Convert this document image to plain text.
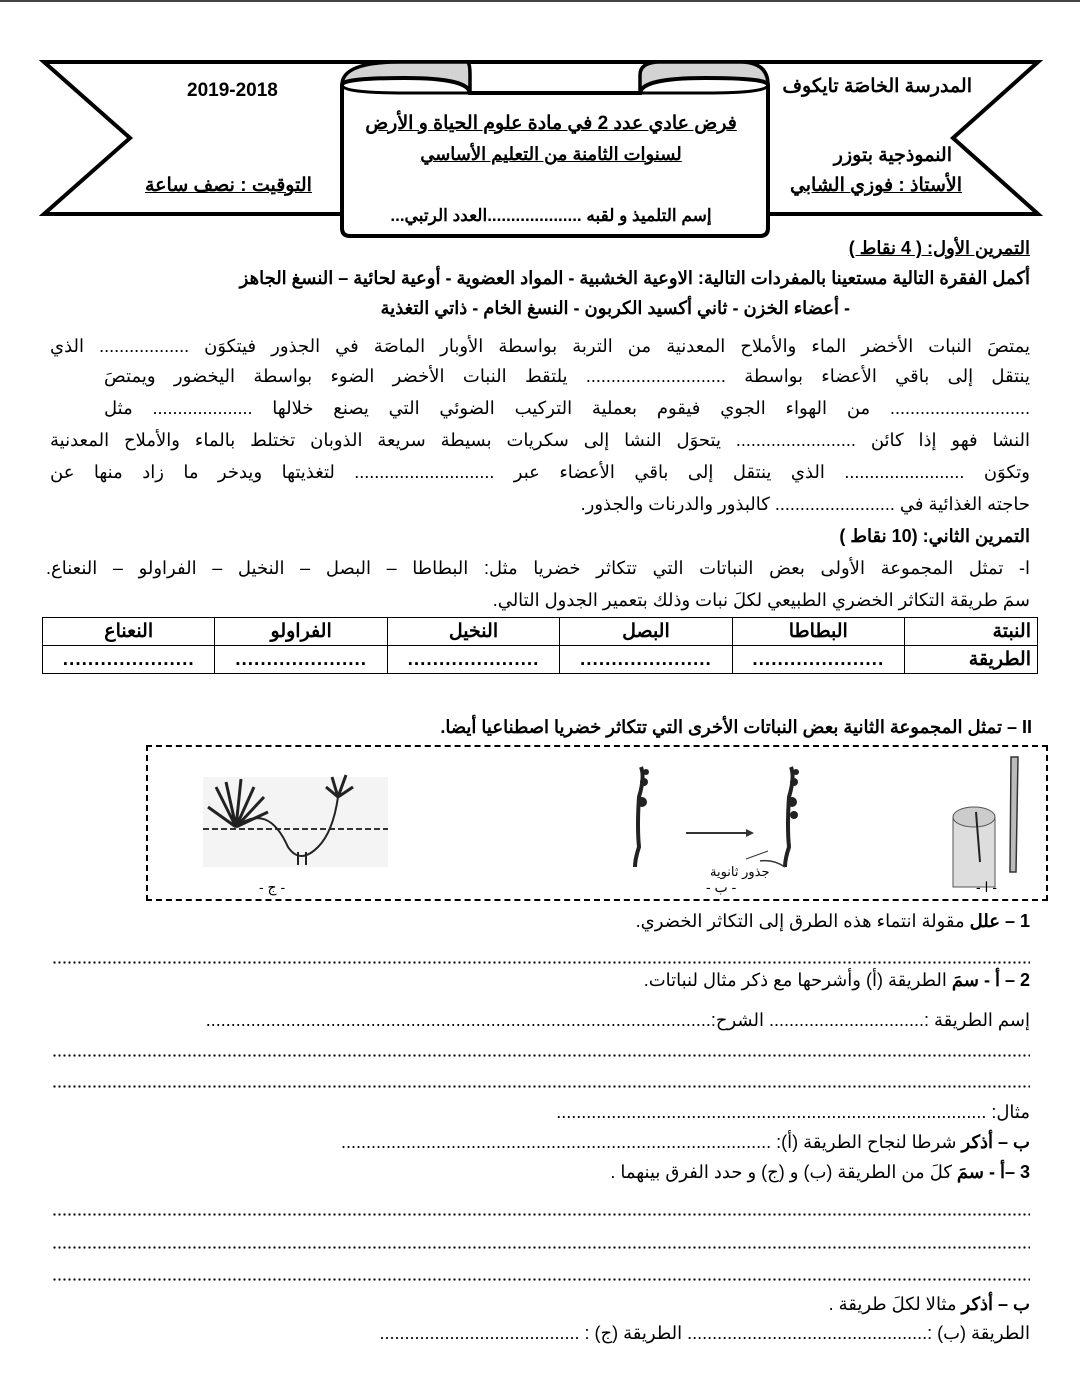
المدرسة الخاصَة تايكوف
النموذجية بتوزر
الأستاذ : فوزي الشابي
2019-2018
التوقيت : نصف ساعة
فرض عادي عدد 2 في مادة علوم الحياة و الأرض
لسنوات الثامنة من التعليم الأساسي
إسم التلميذ و لقبه ....................العدد الرتبي...
التمرين الأول: ( 4 نقاط )
أكمل الفقرة التالية مستعينا بالمفردات التالية: الاوعية الخشبية - المواد العضوية - أوعية لحائية – النسغ الجاهز
- أعضاء الخزن - ثاني أكسيد الكربون - النسغ الخام - ذاتي التغذية
يمتصَ النبات الأخضر الماء والأملاح المعدنية من التربة بواسطة الأوبار الماصَة في الجذور فيتكوَن .................. الذي
ينتقل إلى باقي الأعضاء بواسطة ............................ يلتقط النبات الأخضر الضوء بواسطة اليخضور ويمتصَ
............................ من الهواء الجوي فيقوم بعملية التركيب الضوئي التي يصنع خلالها .................... مثل
النشا فهو إذا كائن ........................ يتحوَل النشا إلى سكريات بسيطة سريعة الذوبان تختلط بالماء والأملاح المعدنية
وتكوَن ........................ الذي ينتقل إلى باقي الأعضاء عبر ............................ لتغذيتها ويدخر ما زاد منها عن
حاجته الغذائية في ........................ كالبذور والدرنات والجذور.
التمرين الثاني: (10 نقاط )
ا- تمثل المجموعة الأولى بعض النباتات التي تتكاثر خضريا مثل: البطاطا – البصل – النخيل – الفراولو – النعناع.
سمَ طريقة التكاثر الخضري الطبيعي لكلَ نبات وذلك بتعمير الجدول التالي.
النبتة	البطاطا	البصل	النخيل	الفراولو	النعناع
الطريقة	.....................	.....................	.....................	.....................	.....................
II – تمثل المجموعة الثانية بعض النباتات الأخرى التي تتكاثر خضريا اصطناعيا أيضا.
- ج -	- ب -
جذور ثانوية
- ا -
1 – علل مقولة انتماء هذه الطرق إلى التكاثر الخضري.
2 – أ - سمَ الطريقة (أ) وأشرحها مع ذكر مثال لنباتات.
إسم الطريقة :............................... الشرح:.....................................................................................................
مثال: ......................................................................................
ب – أذكر شرطا لنجاح الطريقة (أ): ......................................................................................
3 –أ - سمَ كلَ من الطريقة (ب) و (ج) و حدد الفرق بينهما .
ب – أذكر مثالا لكلَ طريقة .
الطريقة (ب) :................................................ الطريقة (ج) : ........................................
